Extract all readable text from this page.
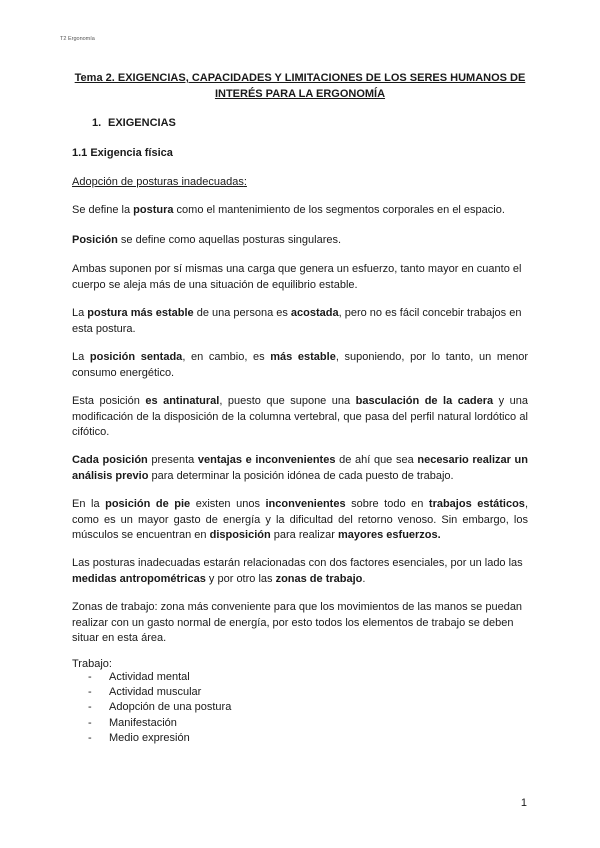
T2 Ergonomía
Tema 2. EXIGENCIAS, CAPACIDADES Y LIMITACIONES DE LOS SERES HUMANOS DE
INTERÉS PARA LA ERGONOMÍA
1. EXIGENCIAS
1.1 Exigencia física
Adopción de posturas inadecuadas:
Se define la postura como el mantenimiento de los segmentos corporales en el espacio.
Posición se define como aquellas posturas singulares.
Ambas suponen por sí mismas una carga que genera un esfuerzo, tanto mayor en cuanto el cuerpo se aleja más de una situación de equilibrio estable.
La postura más estable de una persona es acostada, pero no es fácil concebir trabajos en esta postura.
La posición sentada, en cambio, es más estable, suponiendo, por lo tanto, un menor consumo energético.
Esta posición es antinatural, puesto que supone una basculación de la cadera y una modificación de la disposición de la columna vertebral, que pasa del perfil natural lordótico al cifótico.
Cada posición presenta ventajas e inconvenientes de ahí que sea necesario realizar un análisis previo para determinar la posición idónea de cada puesto de trabajo.
En la posición de pie existen unos inconvenientes sobre todo en trabajos estáticos, como es un mayor gasto de energía y la dificultad del retorno venoso. Sin embargo, los músculos se encuentran en disposición para realizar mayores esfuerzos.
Las posturas inadecuadas estarán relacionadas con dos factores esenciales, por un lado las medidas antropométricas y por otro las zonas de trabajo.
Zonas de trabajo: zona más conveniente para que los movimientos de las manos se puedan realizar con un gasto normal de energía, por esto todos los elementos de trabajo se deben situar en esta área.
Trabajo:
- Actividad mental
- Actividad muscular
- Adopción de una postura
- Manifestación
- Medio expresión
1
